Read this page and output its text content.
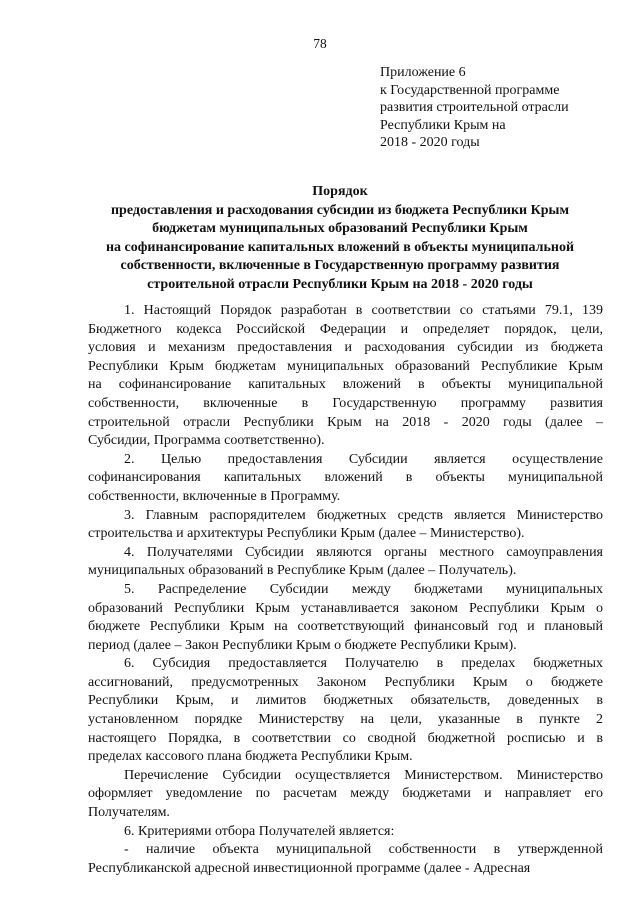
78
Приложение 6
к Государственной программе
развития строительной отрасли
Республики Крым на
2018 - 2020 годы
Порядок
предоставления и расходования субсидии из бюджета Республики Крым
бюджетам муниципальных образований Республики Крым
на софинансирование капитальных вложений в объекты муниципальной
собственности, включенные в Государственную программу развития
строительной отрасли Республики Крым на 2018 - 2020 годы
1. Настоящий Порядок разработан в соответствии со статьями 79.1, 139
Бюджетного кодекса Российской Федерации и определяет порядок, цели,
условия и механизм предоставления и расходования субсидии из бюджета
Республики Крым бюджетам муниципальных образований Республикие Крым
на софинансирование капитальных вложений в объекты муниципальной
собственности, включенные в Государственную программу развития
строительной отрасли Республики Крым на 2018 - 2020 годы (далее –
Субсидии, Программа соответственно).
2. Целью предоставления Субсидии является осуществление
софинансирования капитальных вложений в объекты муниципальной
собственности, включенные в Программу.
3. Главным распорядителем бюджетных средств является Министерство
строительства и архитектуры Республики Крым (далее – Министерство).
4. Получателями Субсидии являются органы местного самоуправления
муниципальных образований в Республике Крым (далее – Получатель).
5. Распределение Субсидии между бюджетами муниципальных
образований Республики Крым устанавливается законом Республики Крым о
бюджете Республики Крым на соответствующий финансовый год и плановый
период (далее – Закон Республики Крым о бюджете Республики Крым).
6. Субсидия предоставляется Получателю в пределах бюджетных
ассигнований, предусмотренных Законом Республики Крым о бюджете
Республики Крым, и лимитов бюджетных обязательств, доведенных в
установленном порядке Министерству на цели, указанные в пункте 2
настоящего Порядка, в соответствии со сводной бюджетной росписью и в
пределах кассового плана бюджета Республики Крым.
Перечисление Субсидии осуществляется Министерством. Министерство
оформляет уведомление по расчетам между бюджетами и направляет его
Получателям.
6. Критериями отбора Получателей является:
- наличие объекта муниципальной собственности в утвержденной
Республиканской адресной инвестиционной программе (далее - Адресная
